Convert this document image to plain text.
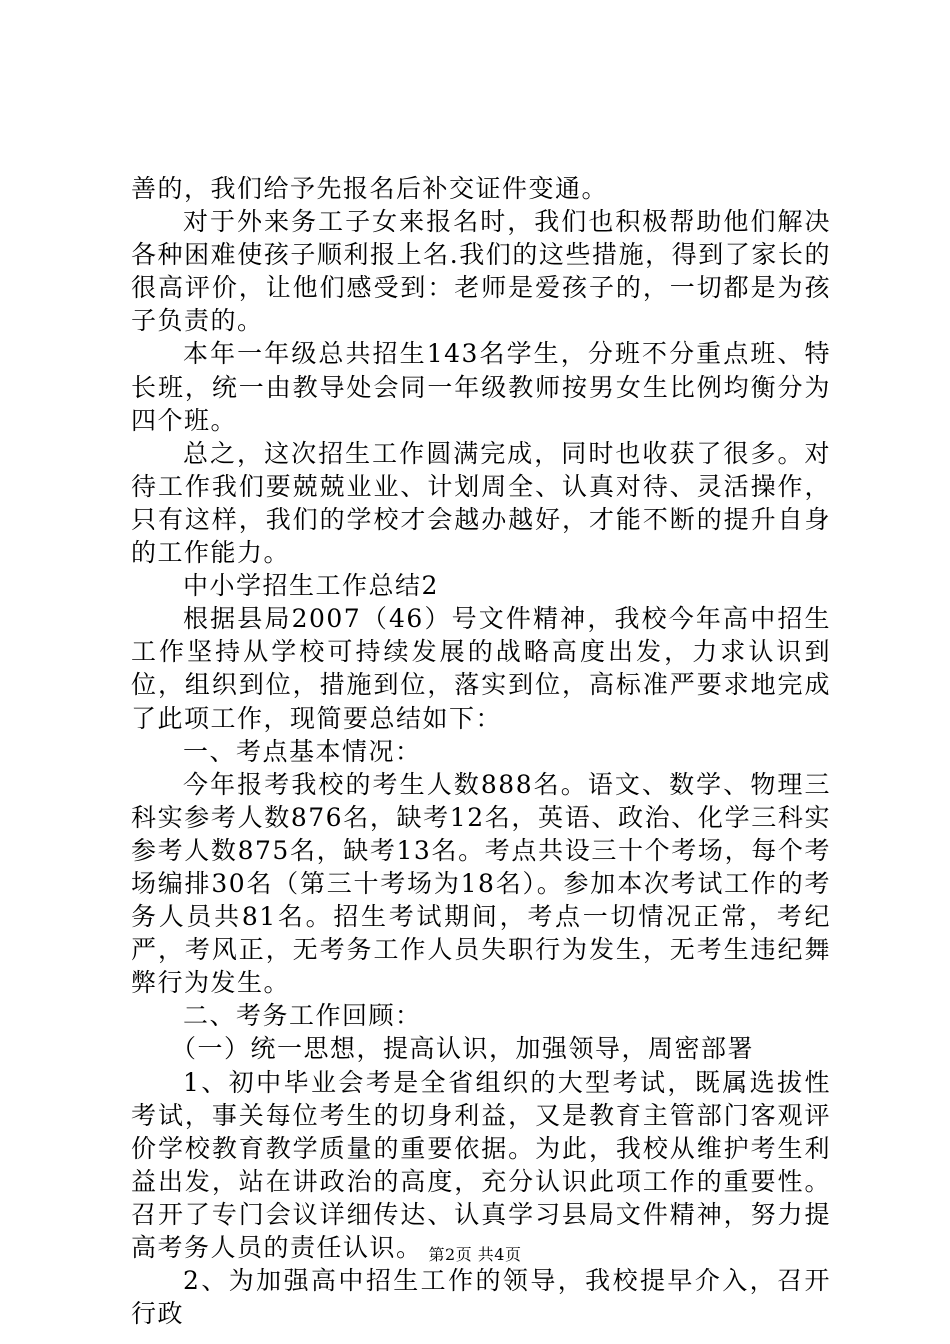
善的，我们给予先报名后补交证件变通。

对于外来务工子女来报名时，我们也积极帮助他们解决各种困难使孩子顺利报上名.我们的这些措施，得到了家长的很高评价，让他们感受到：老师是爱孩子的，一切都是为孩子负责的。

本年一年级总共招生143名学生，分班不分重点班、特长班，统一由教导处会同一年级教师按男女生比例均衡分为四个班。

总之，这次招生工作圆满完成，同时也收获了很多。对待工作我们要兢兢业业、计划周全、认真对待、灵活操作，只有这样，我们的学校才会越办越好，才能不断的提升自身的工作能力。

中小学招生工作总结2

根据县局2007（46）号文件精神，我校今年高中招生工作坚持从学校可持续发展的战略高度出发，力求认识到位，组织到位，措施到位，落实到位，高标准严要求地完成了此项工作，现简要总结如下：

一、考点基本情况：

今年报考我校的考生人数888名。语文、数学、物理三科实参考人数876名，缺考12名，英语、政治、化学三科实参考人数875名，缺考13名。考点共设三十个考场，每个考场编排30名（第三十考场为18名）。参加本次考试工作的考务人员共81名。招生考试期间，考点一切情况正常，考纪严，考风正，无考务工作人员失职行为发生，无考生违纪舞弊行为发生。

二、考务工作回顾：

（一）统一思想，提高认识，加强领导，周密部署

1、初中毕业会考是全省组织的大型考试，既属选拔性考试，事关每位考生的切身利益，又是教育主管部门客观评价学校教育教学质量的重要依据。为此，我校从维护考生利益出发，站在讲政治的高度，充分认识此项工作的重要性。召开了专门会议详细传达、认真学习县局文件精神，努力提高考务人员的责任认识。

2、为加强高中招生工作的领导，我校提早介入，召开行政

第2页 共4页
